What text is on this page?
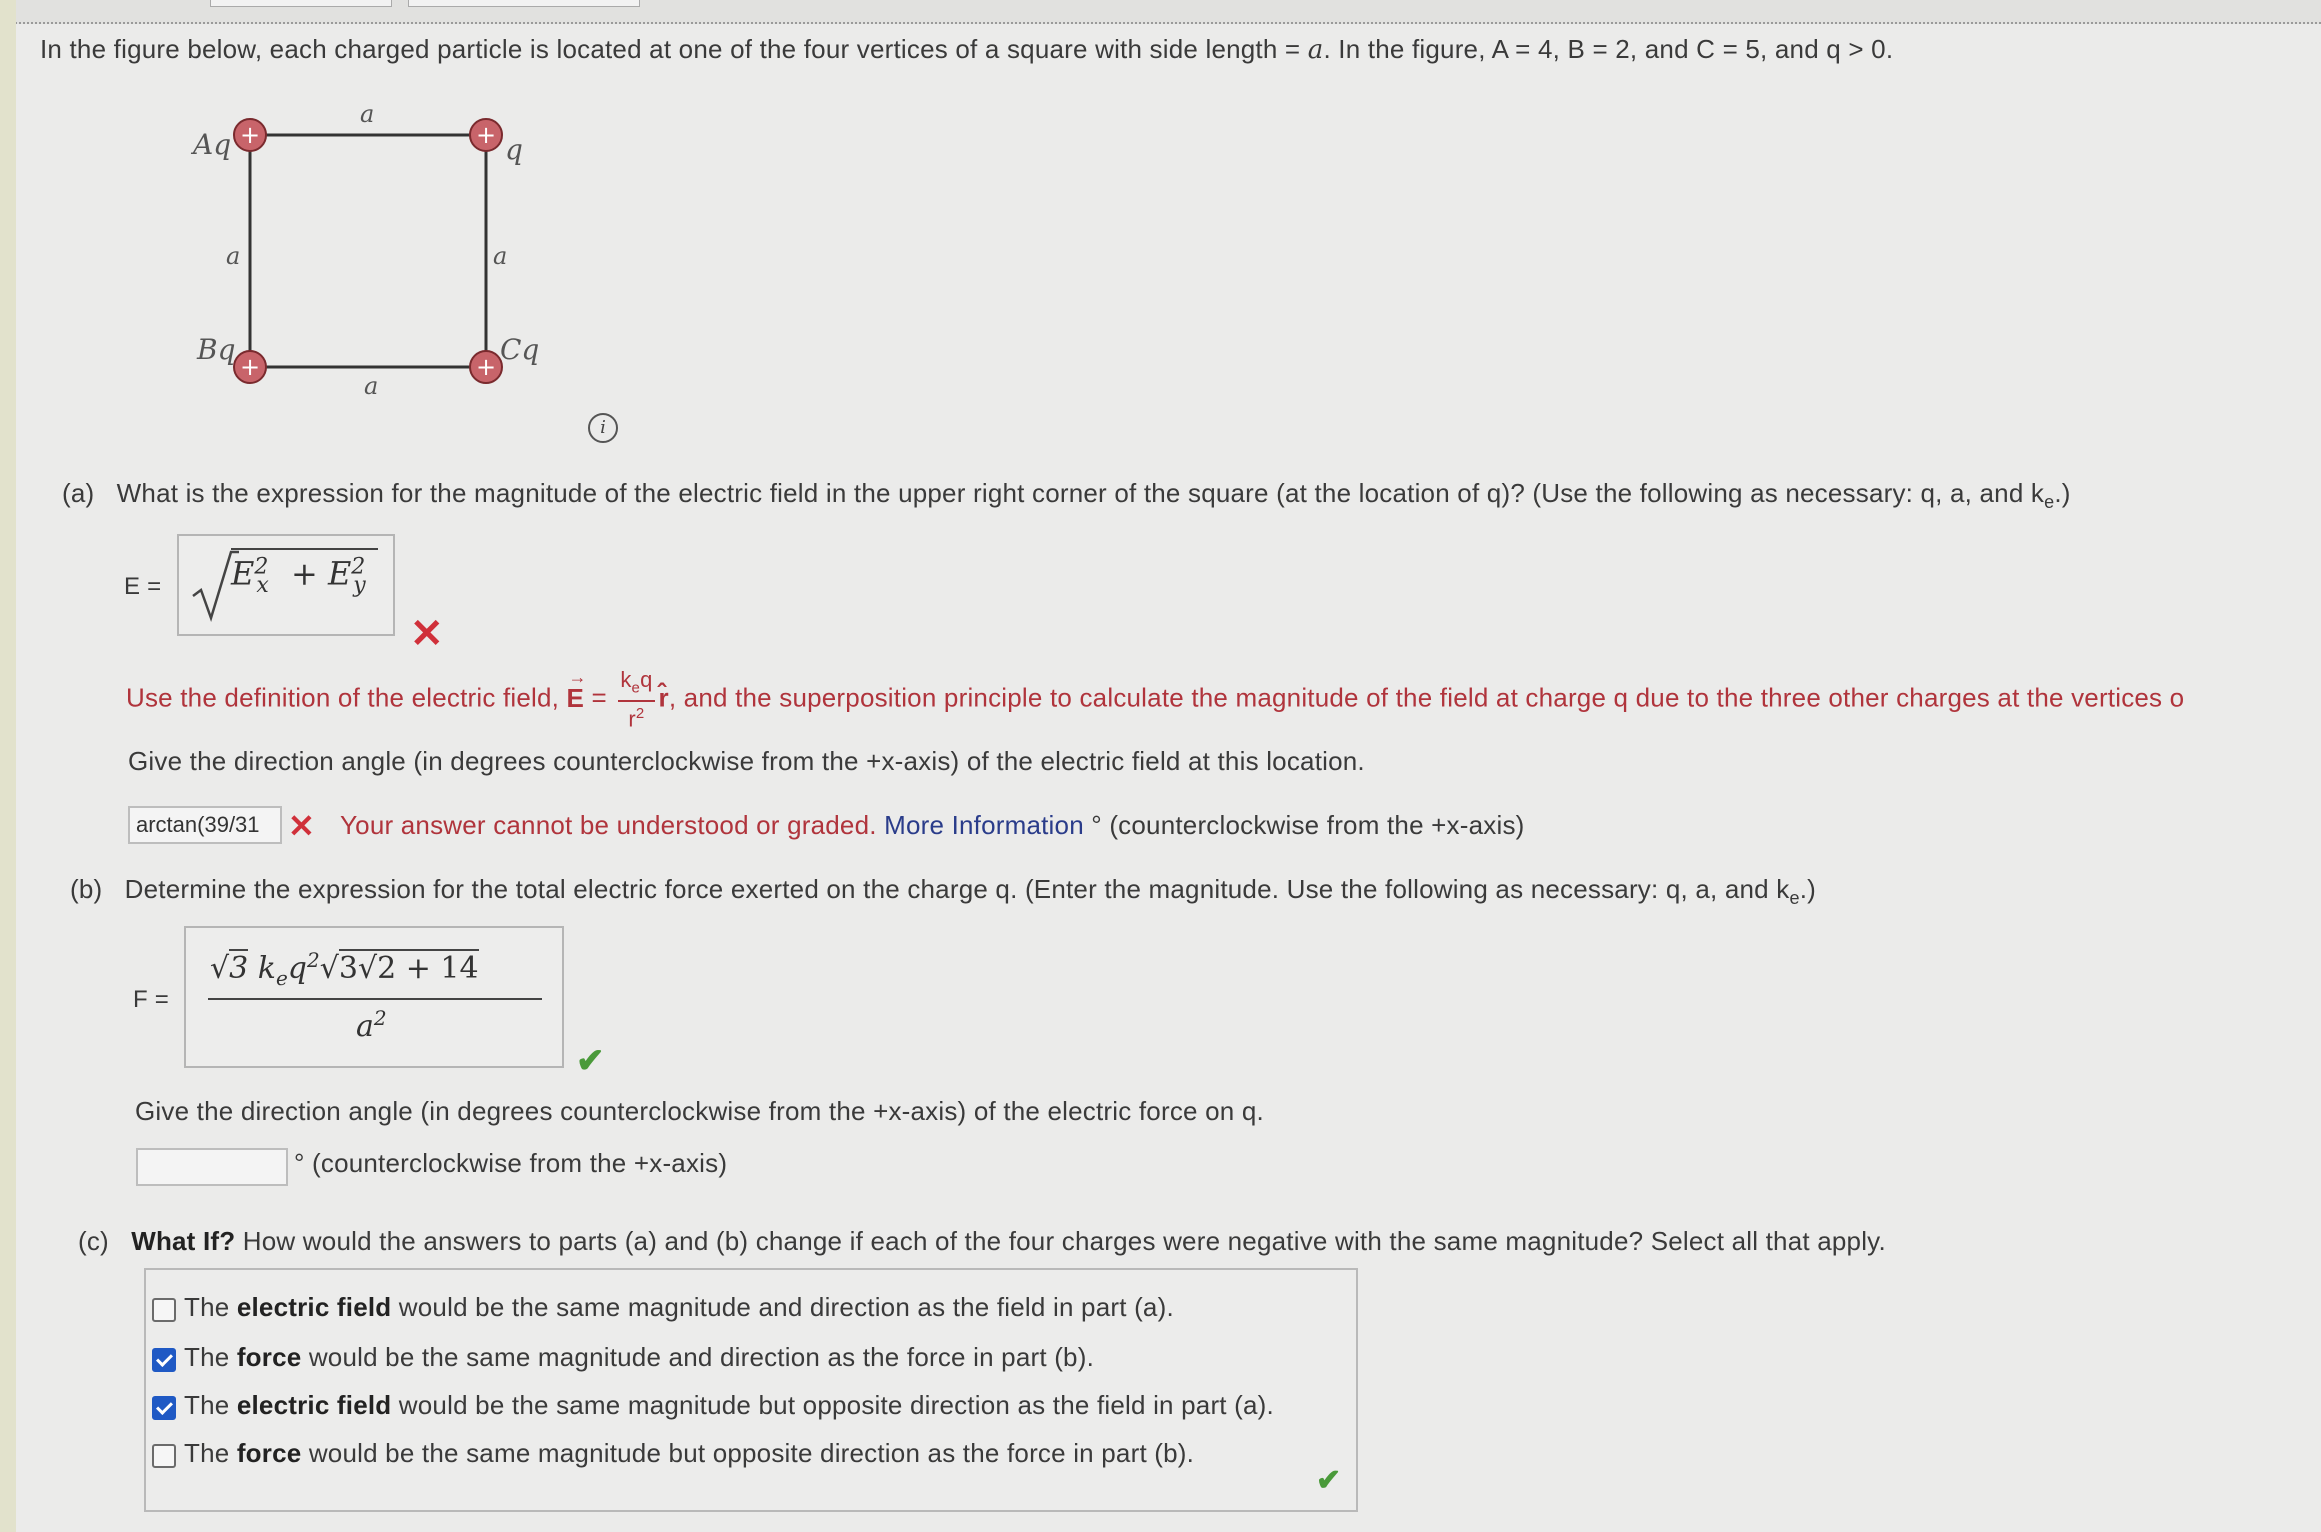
In the figure below, each charged particle is located at one of the four vertices of a square with side length = a. In the figure, A = 4, B = 2, and C = 5, and q > 0.
+	+
+	+
Aq	q
Bq	Cq
a
a	a
a
i
(a) What is the expression for the magnitude of the electric field in the upper right corner of the square (at the location of q)? (Use the following as necessary: q, a, and $k_e$.)
$E = E^2_x + E^2_y$
✕
Use the definition of the electric field,
→
E =
$k_eq$
$r^2$
r̂, and the superposition principle to calculate the magnitude of the field at charge q due to the three other charges at the vertices o
Give the direction angle (in degrees counterclockwise from the +x-axis) of the electric field at this location.
arctan(39/31 ✕ Your answer cannot be understood or graded. More Information ° (counterclockwise from the +x-axis)
(b) Determine the expression for the total electric force exerted on the charge q. (Enter the magnitude. Use the following as necessary: q, a, and $k_e$.)
F =
√3 $k_eq^2√3√2 + 14$
$a^2$
✔
Give the direction angle (in degrees counterclockwise from the +x-axis) of the electric force on q.
° (counterclockwise from the +x-axis)
(c) What If? How would the answers to parts (a) and (b) change if each of the four charges were negative with the same magnitude? Select all that apply.
The electric field would be the same magnitude and direction as the field in part (a).
The force would be the same magnitude and direction as the force in part (b).
The electric field would be the same magnitude but opposite direction as the field in part (a).
The force would be the same magnitude but opposite direction as the force in part (b).
✔
